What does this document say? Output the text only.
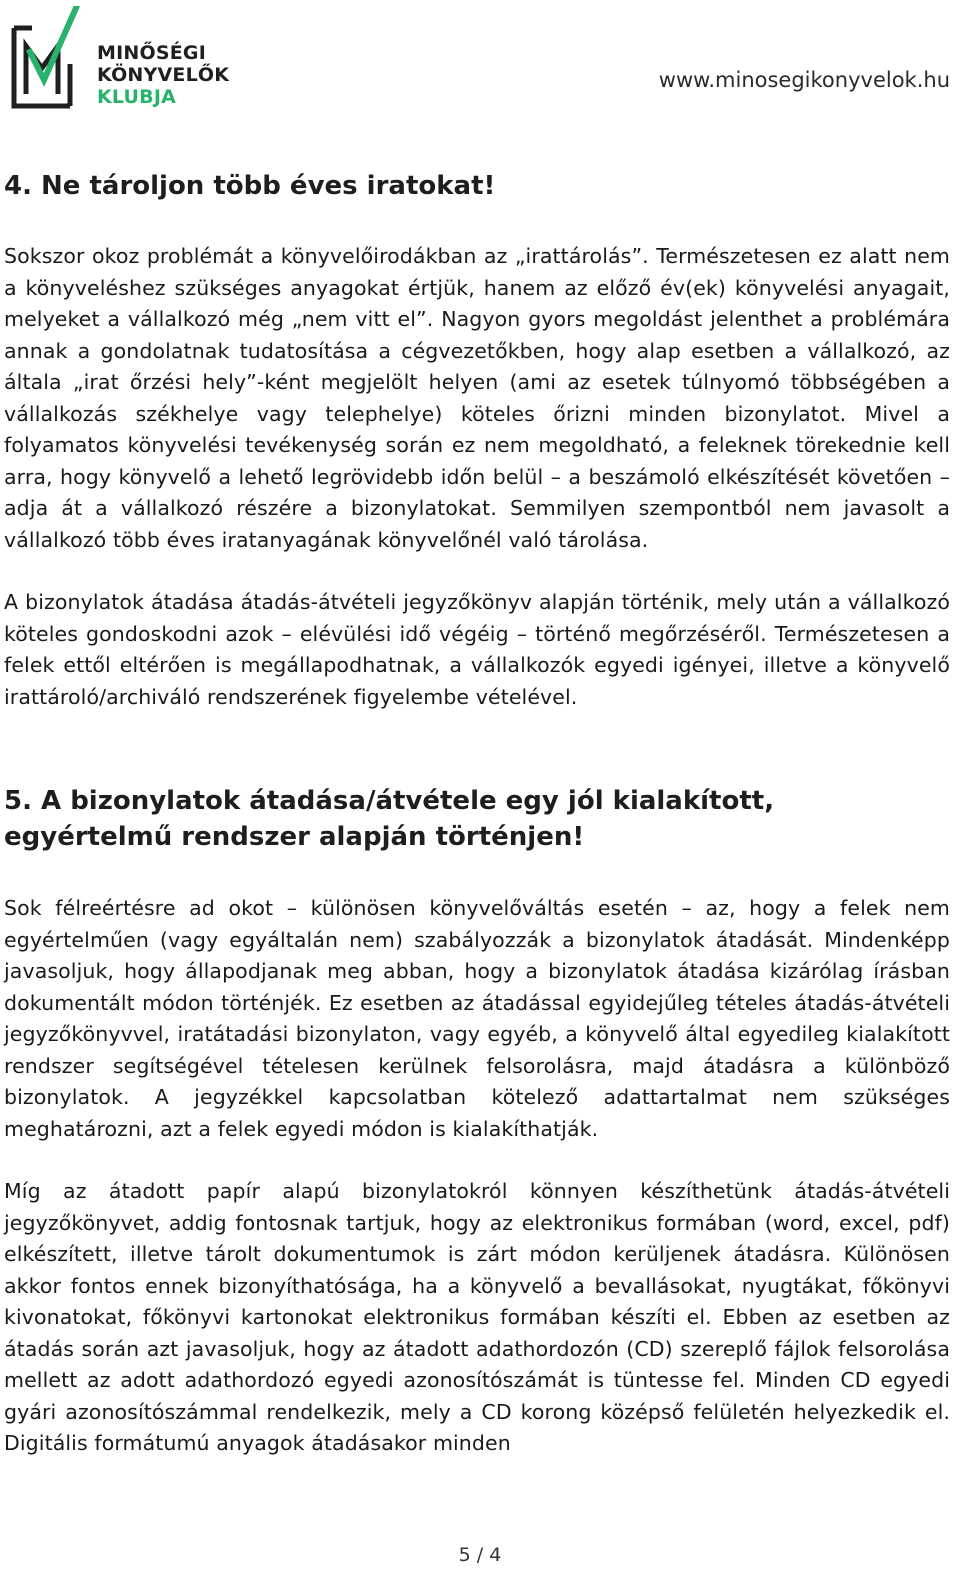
MINŐSÉGI
KÖNYVELŐK
KLUBJA
www.minosegikonyvelok.hu
4. Ne tároljon több éves iratokat!

Sokszor okoz problémát a könyvelőirodákban az „irattárolás”. Természetesen ez alatt nem a könyveléshez szükséges anyagokat értjük, hanem az előző év(ek) könyvelési anyagait, melyeket a vállalkozó még „nem vitt el”. Nagyon gyors megoldást jelenthet a problémára annak a gondolatnak tudatosítása a cégvezetőkben, hogy alap esetben a vállalkozó, az általa „irat őrzési hely”-ként megjelölt helyen (ami az esetek túlnyomó többségében a vállalkozás székhelye vagy telephelye) köteles őrizni minden bizonylatot. Mivel a folyamatos könyvelési tevékenység során ez nem megoldható, a feleknek törekednie kell arra, hogy könyvelő a lehető legrövidebb időn belül – a beszámoló elkészítését követően – adja át a vállalkozó részére a bizonylatokat. Semmilyen szempontból nem javasolt a vállalkozó több éves iratanyagának könyvelőnél való tárolása.

A bizonylatok átadása átadás-átvételi jegyzőkönyv alapján történik, mely után a vállalkozó köteles gondoskodni azok – elévülési idő végéig – történő megőrzéséről. Természetesen a felek ettől eltérően is megállapodhatnak, a vállalkozók egyedi igényei, illetve a könyvelő irattároló/archiváló rendszerének figyelembe vételével.

5. A bizonylatok átadása/átvétele egy jól kialakított, egyértelmű rendszer alapján történjen!

Sok félreértésre ad okot – különösen könyvelőváltás esetén – az, hogy a felek nem egyértelműen (vagy egyáltalán nem) szabályozzák a bizonylatok átadását. Mindenképp javasoljuk, hogy állapodjanak meg abban, hogy a bizonylatok átadása kizárólag írásban dokumentált módon történjék. Ez esetben az átadással egyidejűleg tételes átadás-átvételi jegyzőkönyvvel, iratátadási bizonylaton, vagy egyéb, a könyvelő által egyedileg kialakított rendszer segítségével tételesen kerülnek felsorolásra, majd átadásra a különböző bizonylatok. A jegyzékkel kapcsolatban kötelező adattartalmat nem szükséges meghatározni, azt a felek egyedi módon is kialakíthatják.

Míg az átadott papír alapú bizonylatokról könnyen készíthetünk átadás-átvételi jegyzőkönyvet, addig fontosnak tartjuk, hogy az elektronikus formában (word, excel, pdf) elkészített, illetve tárolt dokumentumok is zárt módon kerüljenek átadásra. Különösen akkor fontos ennek bizonyíthatósága, ha a könyvelő a bevallásokat, nyugtákat, főkönyvi kivonatokat, főkönyvi kartonokat elektronikus formában készíti el. Ebben az esetben az átadás során azt javasoljuk, hogy az átadott adathordozón (CD) szereplő fájlok felsorolása mellett az adott adathordozó egyedi azonosítószámát is tüntesse fel. Minden CD egyedi gyári azonosítószámmal rendelkezik, mely a CD korong középső felületén helyezkedik el. Digitális formátumú anyagok átadásakor minden

5 / 4
